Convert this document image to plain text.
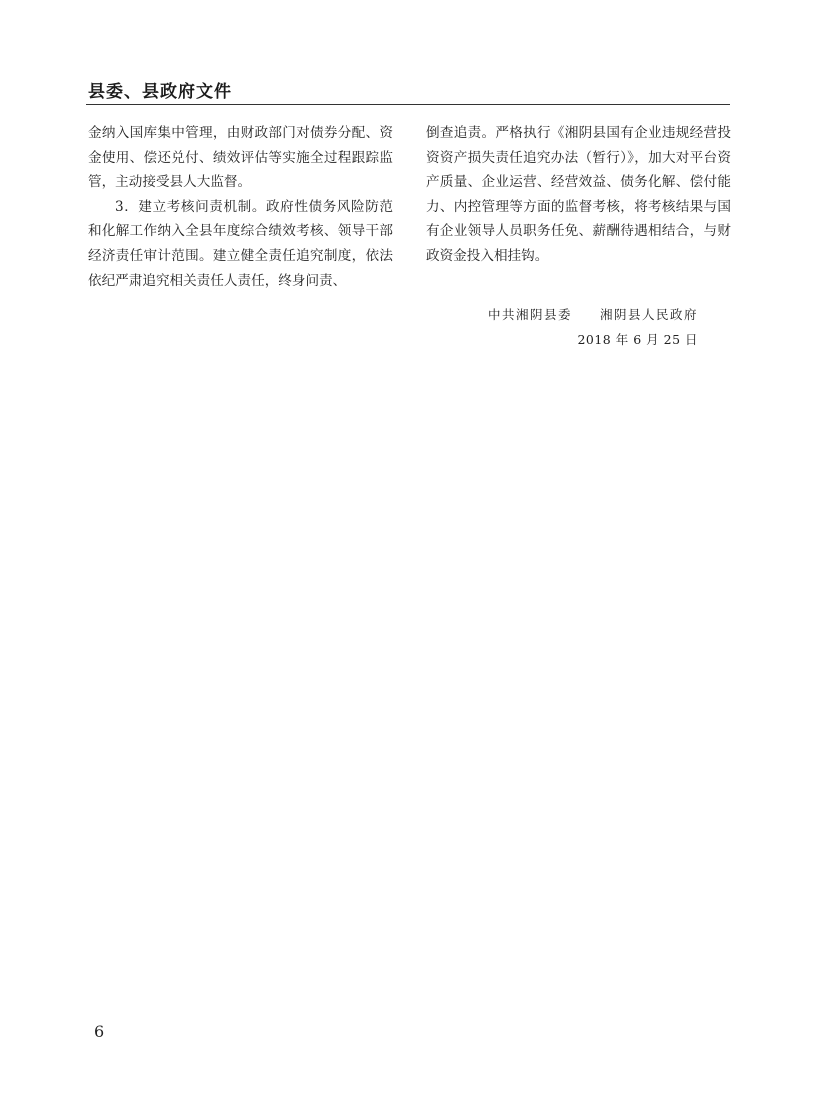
县委、县政府文件

金纳入国库集中管理，由财政部门对债券分配、资金使用、偿还兑付、绩效评估等实施全过程跟踪监管，主动接受县人大监督。

3．建立考核问责机制。政府性债务风险防范和化解工作纳入全县年度综合绩效考核、领导干部经济责任审计范围。建立健全责任追究制度，依法依纪严肃追究相关责任人责任，终身问责、

倒查追责。严格执行《湘阴县国有企业违规经营投资资产损失责任追究办法（暂行）》，加大对平台资产质量、企业运营、经营效益、债务化解、偿付能力、内控管理等方面的监督考核，将考核结果与国有企业领导人员职务任免、薪酬待遇相结合，与财政资金投入相挂钩。

中共湘阴县委 湘阴县人民政府
2018 年 6 月 25 日
6
